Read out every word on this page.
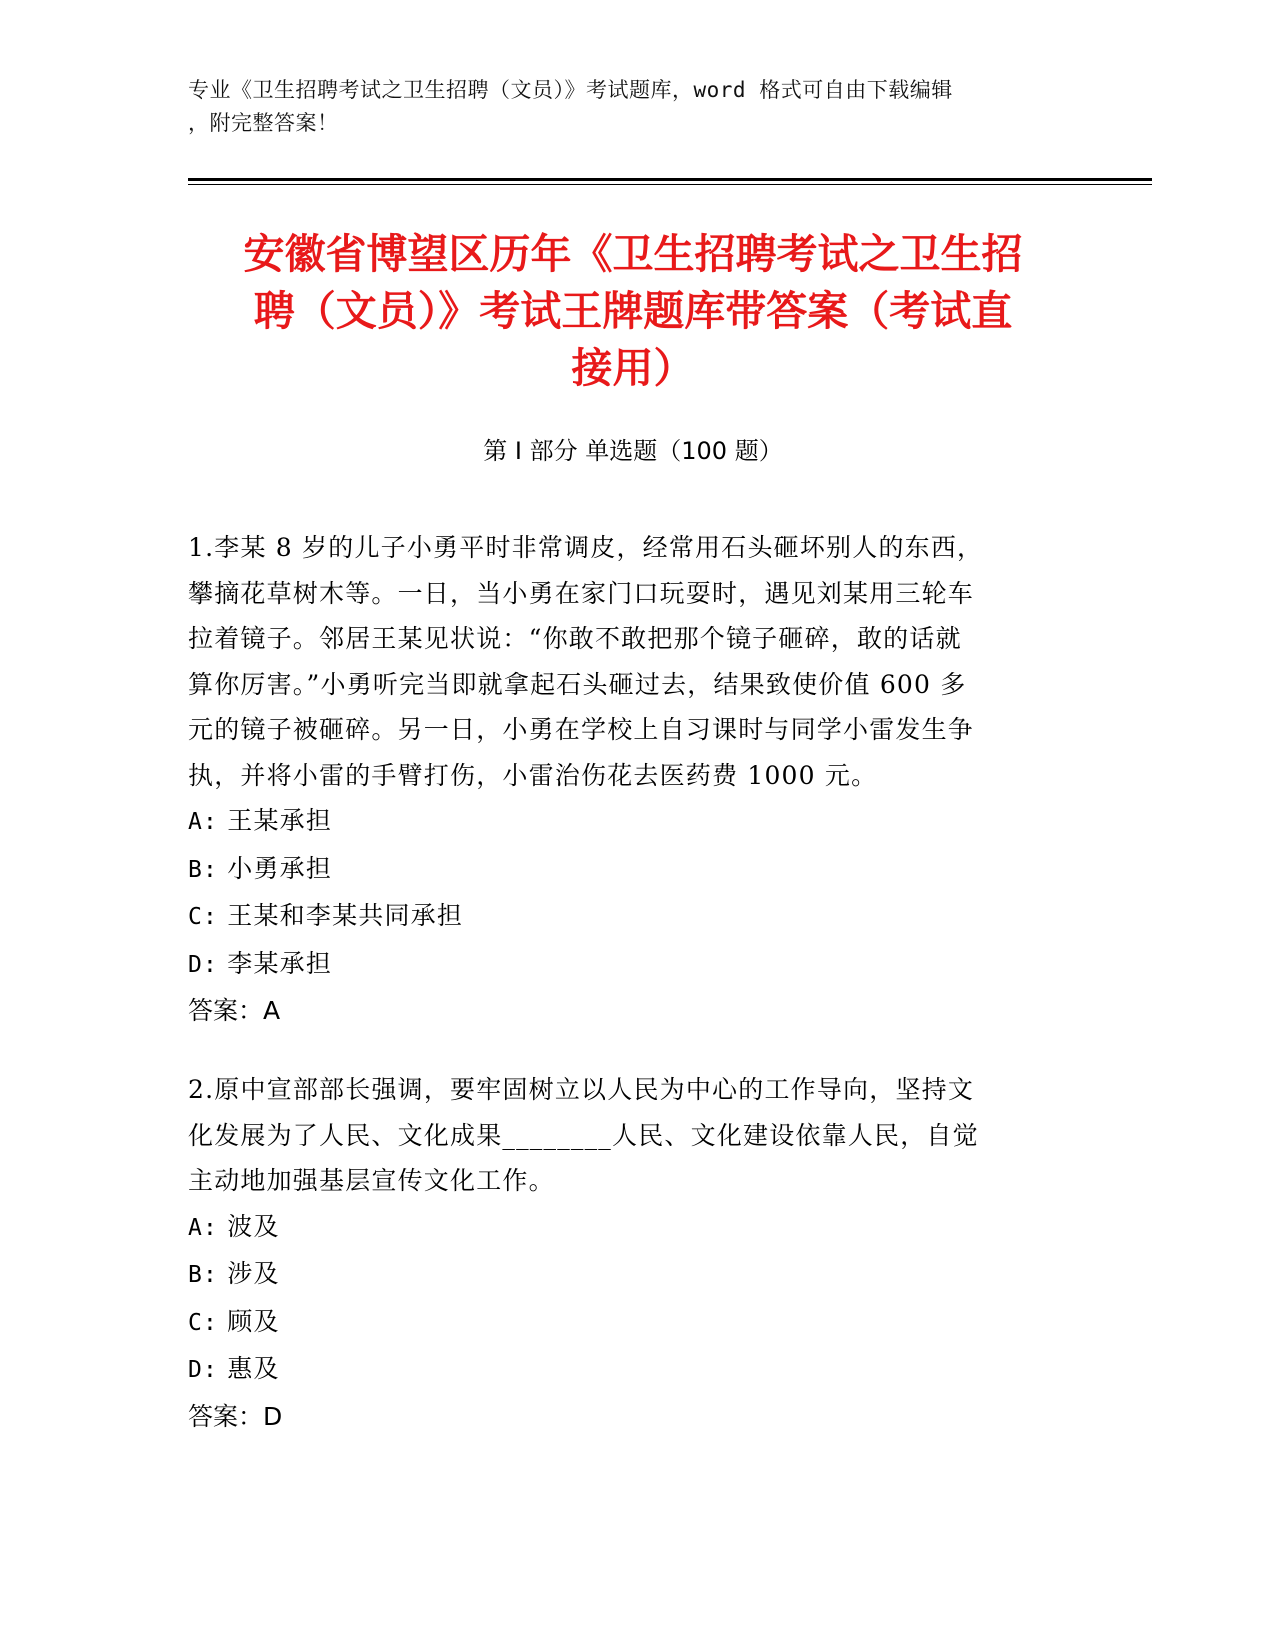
专业《卫生招聘考试之卫生招聘（文员）》考试题库，word 格式可自由下载编辑
，附完整答案！
安徽省博望区历年《卫生招聘考试之卫生招
聘（文员）》考试王牌题库带答案（考试直
接用）
第 I 部分 单选题（100 题）
1.李某 8 岁的儿子小勇平时非常调皮，经常用石头砸坏别人的东西，
攀摘花草树木等。一日，当小勇在家门口玩耍时，遇见刘某用三轮车
拉着镜子。邻居王某见状说：“你敢不敢把那个镜子砸碎，敢的话就
算你厉害。”小勇听完当即就拿起石头砸过去，结果致使价值 600 多
元的镜子被砸碎。另一日，小勇在学校上自习课时与同学小雷发生争
执，并将小雷的手臂打伤，小雷治伤花去医药费 1000 元。
A: 王某承担
B: 小勇承担
C: 王某和李某共同承担
D: 李某承担
答案：A
2.原中宣部部长强调，要牢固树立以人民为中心的工作导向，坚持文
化发展为了人民、文化成果________人民、文化建设依靠人民，自觉
主动地加强基层宣传文化工作。
A: 波及
B: 涉及
C: 顾及
D: 惠及
答案：D
